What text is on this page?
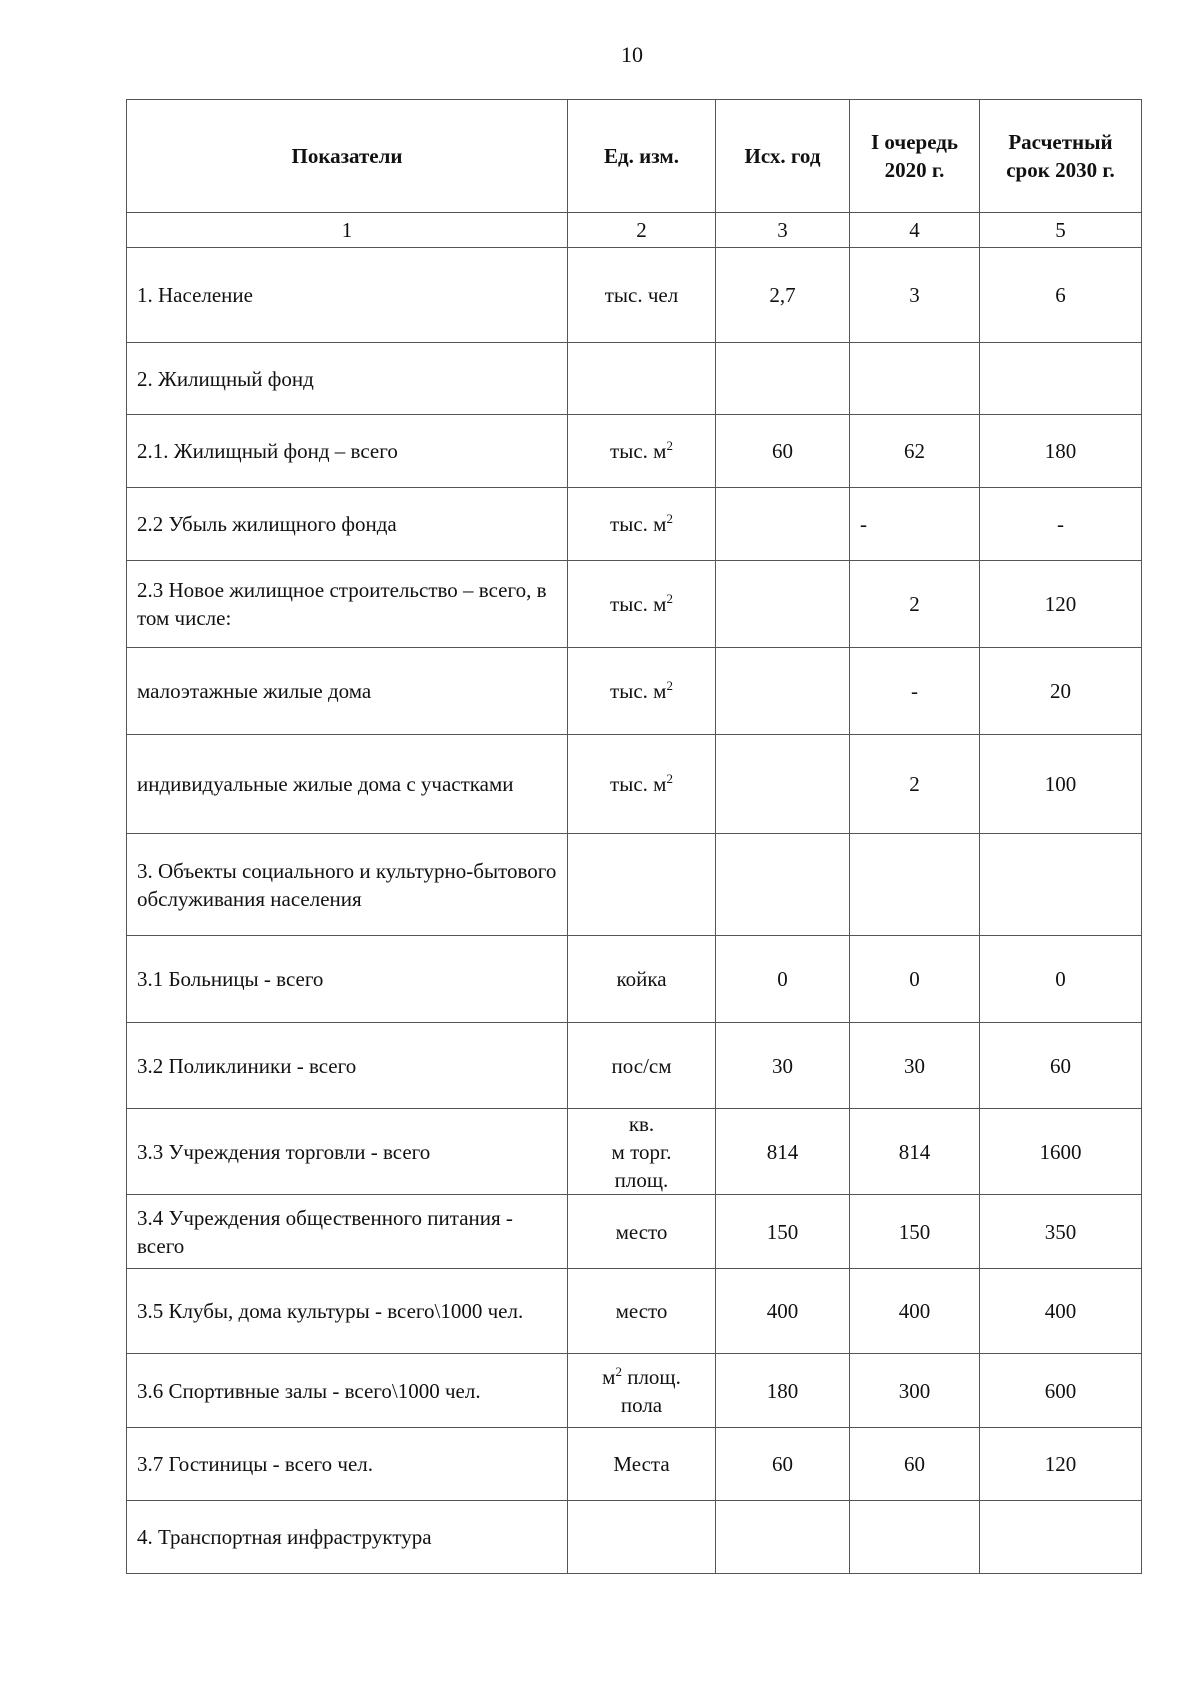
10
Показатели	Ед. изм.	Исх. год	I очередь 2020 г.	Расчетный срок 2030 г.
1	2	3	4	5
1. Население	тыс. чел	2,7	3	6
2. Жилищный фонд				
2.1. Жилищный фонд – всего	тыс. $м^2$	60	62	180
2.2 Убыль жилищного фонда	тыс. $м^2$		-	-
2.3 Новое жилищное строительство – всего, в том числе:	тыс. $м^2$		2	120
малоэтажные жилые дома	тыс. $м^2$		-	20
индивидуальные жилые дома с участками	тыс. $м^2$		2	100
3. Объекты социального и культурно-бытового обслуживания населения				
3.1 Больницы - всего	койка	0	0	0
3.2 Поликлиники - всего	пос/см	30	30	60
3.3 Учреждения торговли - всего	кв.
м торг.
площ.	814	814	1600
3.4 Учреждения общественного питания - всего	место	150	150	350
3.5 Клубы, дома культуры - всего\1000 чел.	место	400	400	400
3.6 Спортивные залы - всего\1000 чел.	$м^2$ площ.
пола	180	300	600
3.7 Гостиницы - всего чел.	Места	60	60	120
4. Транспортная инфраструктура				
